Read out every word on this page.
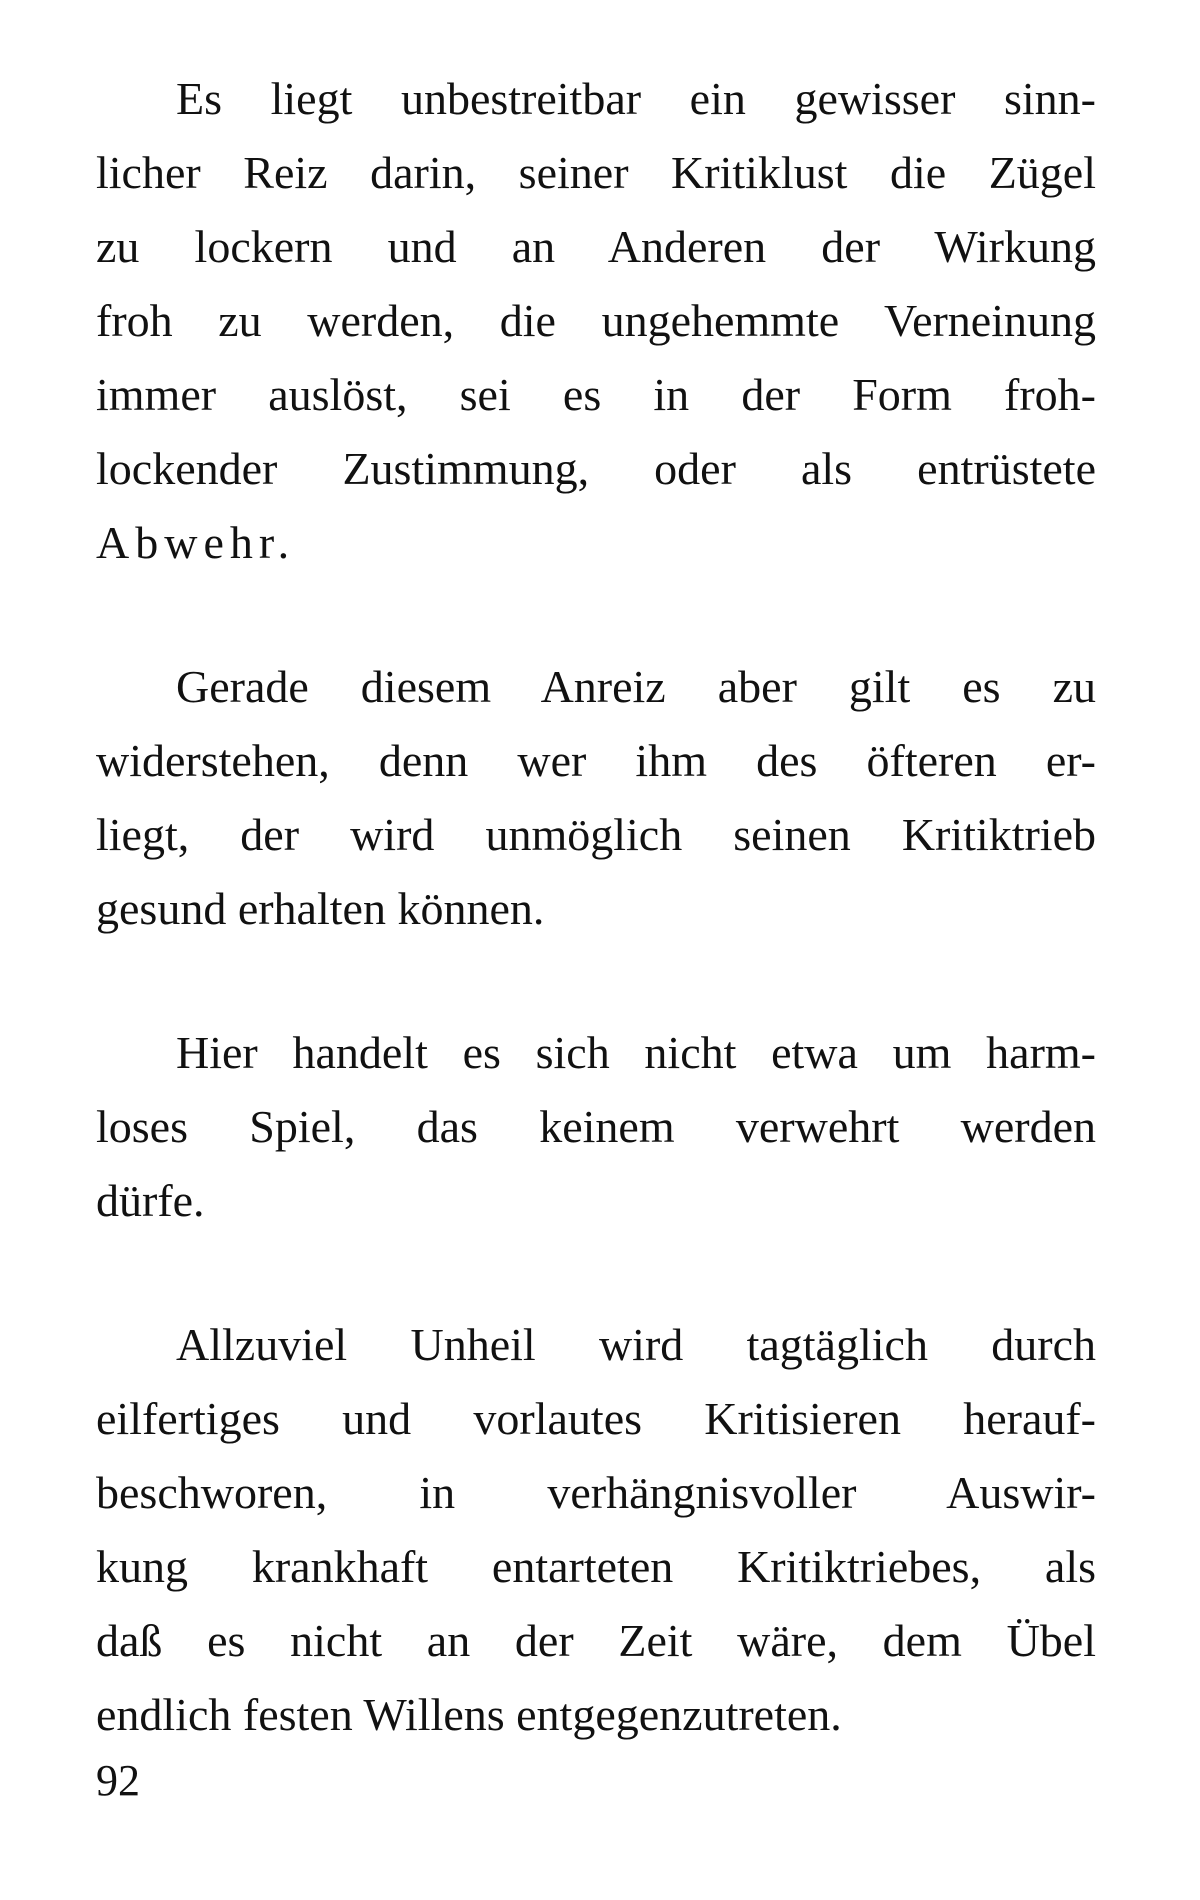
Es liegt unbestreitbar ein gewisser sinn-
licher Reiz darin, seiner Kritiklust die Zügel
zu lockern und an Anderen der Wirkung
froh zu werden, die ungehemmte Verneinung
immer auslöst, sei es in der Form froh-
lockender Zustimmung, oder als entrüstete
Abwehr.

Gerade diesem Anreiz aber gilt es zu
widerstehen, denn wer ihm des öfteren er-
liegt, der wird unmöglich seinen Kritiktrieb
gesund erhalten können.

Hier handelt es sich nicht etwa um harm-
loses Spiel, das keinem verwehrt werden
dürfe.

Allzuviel Unheil wird tagtäglich durch
eilfertiges und vorlautes Kritisieren herauf-
beschworen, in verhängnisvoller Auswir-
kung krankhaft entarteten Kritiktriebes, als
daß es nicht an der Zeit wäre, dem Übel
endlich festen Willens entgegenzutreten.

92
